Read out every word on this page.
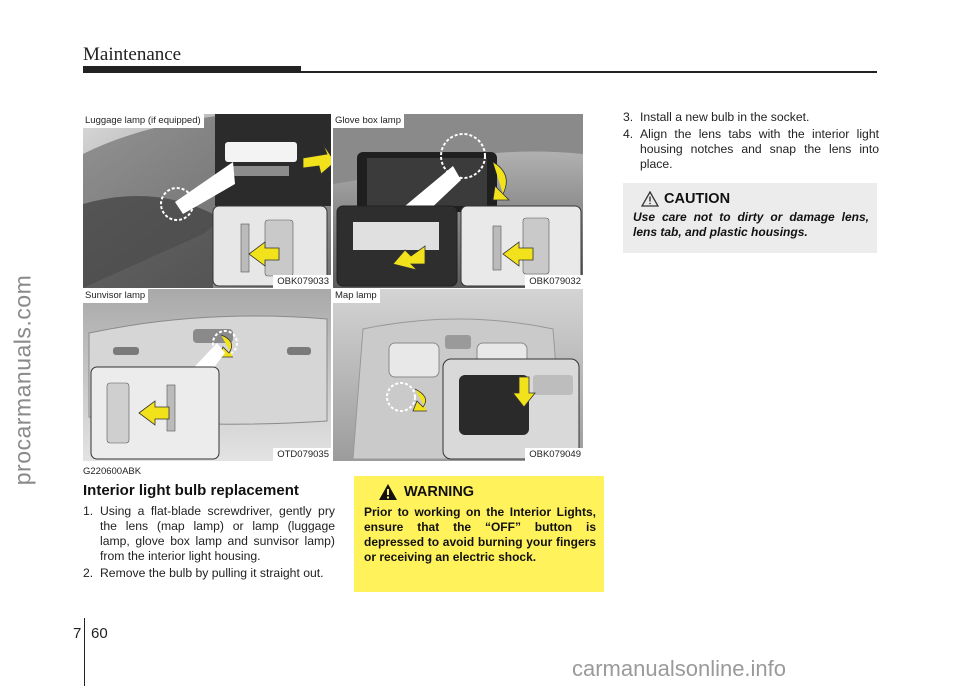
Maintenance
procarmanuals.com
Luggage lamp (if equipped)
OBK079033
Glove box lamp
OBK079032
Sunvisor lamp
OTD079035
Map lamp
OBK079049
G220600ABK
Interior light bulb replacement
1. Using a flat-blade screwdriver, gently pry the lens (map lamp) or lamp (luggage lamp, glove box lamp and sunvisor lamp) from the interior light housing.
2. Remove the bulb by pulling it straight out.
WARNING
Prior to working on the Interior Lights, ensure that the “OFF” button is depressed to avoid burning your fingers or receiving an electric shock.
3. Install a new bulb in the socket.
4. Align the lens tabs with the interior light housing notches and snap the lens into place.
CAUTION
Use care not to dirty or damage lens, lens tab, and plastic housings.
7 60
carmanualsonline.info
